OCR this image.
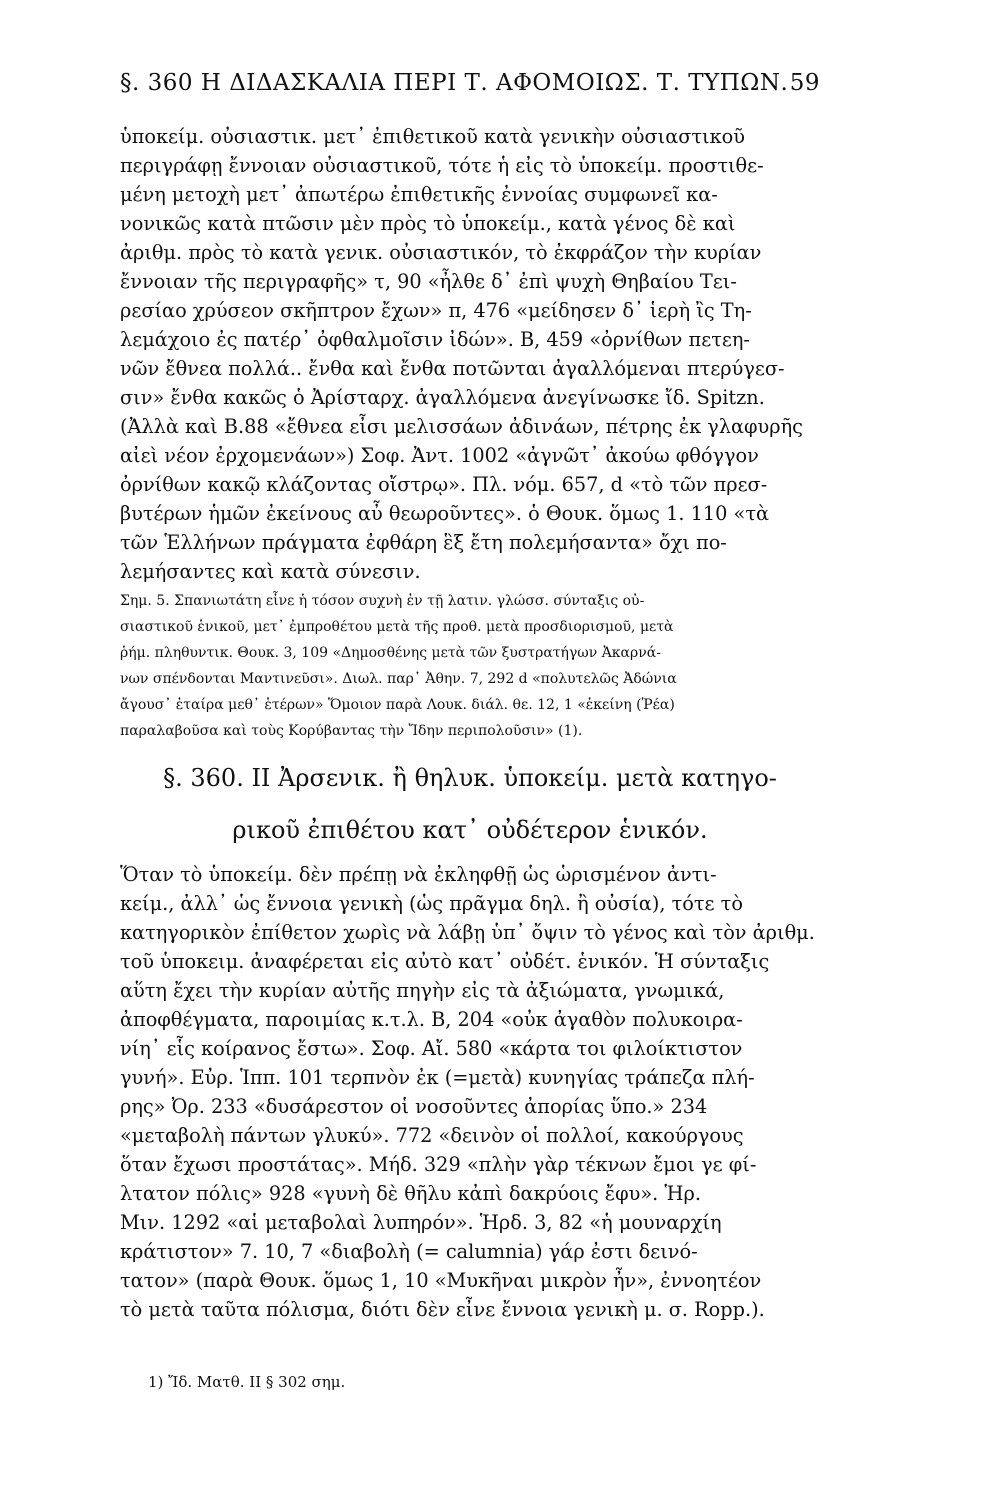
§. 360 Η ΔΙΔΑΣΚΑΛΙΑ ΠΕΡΙ Τ. ΑΦΟΜΟΙΩΣ. Τ. ΤΥΠΩΝ. 59
ὑποκείμ. οὐσιαστικ. μετ᾽ ἐπιθετικοῦ κατὰ γενικὴν οὐσιαστικοῦ
περιγράφῃ ἔννοιαν οὐσιαστικοῦ, τότε ἡ εἰς τὸ ὑποκείμ. προστιθε-
μένη μετοχὴ μετ᾽ ἀπωτέρω ἐπιθετικῆς ἐννοίας συμφωνεῖ κα-
νονικῶς κατὰ πτῶσιν μὲν πρὸς τὸ ὑποκείμ., κατὰ γένος δὲ καὶ
ἀριθμ. πρὸς τὸ κατὰ γενικ. οὐσιαστικόν, τὸ ἐκφράζον τὴν κυρίαν
ἔννοιαν τῆς περιγραφῆς» τ, 90 «ἦλθε δ᾽ ἐπὶ ψυχὴ Θηβαίου Τει-
ρεσίαο χρύσεον σκῆπτρον ἔχων» π, 476 «μείδησεν δ᾽ ἱερὴ ἲς Τη-
λεμάχοιο ἐς πατέρ᾽ ὀφθαλμοῖσιν ἰδών». Β, 459 «ὀρνίθων πετεη-
νῶν ἔθνεα πολλά.. ἔνθα καὶ ἔνθα ποτῶνται ἀγαλλόμεναι πτερύγεσ-
σιν» ἔνθα κακῶς ὁ Ἀρίσταρχ. ἀγαλλόμενα ἀνεγίνωσκε ἴδ. Spitzn.
(Ἀλλὰ καὶ Β.88 «ἔθνεα εἶσι μελισσάων ἀδινάων, πέτρης ἐκ γλαφυρῆς
αἰεὶ νέον ἐρχομενάων») Σοφ. Ἀντ. 1002 «ἀγνῶτ᾽ ἀκούω φθόγγον
ὀρνίθων κακῷ κλάζοντας οἴστρῳ». Πλ. νόμ. 657, d «τὸ τῶν πρεσ-
βυτέρων ἡμῶν ἐκείνους αὖ θεωροῦντες». ὁ Θουκ. ὅμως 1. 110 «τὰ
τῶν Ἑλλήνων πράγματα ἐφθάρη ἓξ ἔτη πολεμήσαντα» ὄχι πο-
λεμήσαντες καὶ κατὰ σύνεσιν.
Σημ. 5. Σπανιωτάτη εἶνε ἡ τόσον συχνὴ ἐν τῇ λατιν. γλώσσ. σύνταξις οὐ-
σιαστικοῦ ἑνικοῦ, μετ᾽ ἐμπροθέτου μετὰ τῆς προθ. μετὰ προσδιορισμοῦ, μετὰ
ῥήμ. πληθυντικ. Θουκ. 3, 109 «Δημοσθένης μετὰ τῶν ξυστρατήγων Ἀκαρνά-
νων σπένδονται Μαντινεῦσι». Διωλ. παρ᾽ Ἀθην. 7, 292 d «πολυτελῶς Ἀδώνια
ἄγουσ᾽ ἑταίρα μεθ᾽ ἑτέρων» Ὅμοιον παρὰ Λουκ. διάλ. θε. 12, 1 «ἐκείνη (Ῥέα)
παραλαβοῦσα καὶ τοὺς Κορύβαντας τὴν Ἴδην περιπολοῦσιν» (1).
§. 360. ΙΙ Ἀρσενικ. ἢ θηλυκ. ὑποκείμ. μετὰ κατηγο-
ρικοῦ ἐπιθέτου κατ᾽ οὐδέτερον ἑνικόν.
Ὅταν τὸ ὑποκείμ. δὲν πρέπῃ νὰ ἐκληφθῇ ὡς ὡρισμένον ἀντι-
κείμ., ἀλλ᾽ ὡς ἔννοια γενικὴ (ὡς πρᾶγμα δηλ. ἢ οὐσία), τότε τὸ
κατηγορικὸν ἐπίθετον χωρὶς νὰ λάβῃ ὑπ᾽ ὄψιν τὸ γένος καὶ τὸν ἀριθμ.
τοῦ ὑποκειμ. ἀναφέρεται εἰς αὐτὸ κατ᾽ οὐδέτ. ἑνικόν. Ἡ σύνταξις
αὕτη ἔχει τὴν κυρίαν αὐτῆς πηγὴν εἰς τὰ ἀξιώματα, γνωμικά,
ἀποφθέγματα, παροιμίας κ.τ.λ. Β, 204 «οὐκ ἀγαθὸν πολυκοιρα-
νίη᾽ εἷς κοίρανος ἔστω». Σοφ. Αἴ. 580 «κάρτα τοι φιλοίκτιστον
γυνή». Εὐρ. Ἱππ. 101 τερπνὸν ἐκ (=μετὰ) κυνηγίας τράπεζα πλή-
ρης» Ὀρ. 233 «δυσάρεστον οἱ νοσοῦντες ἀπορίας ὕπο.» 234
«μεταβολὴ πάντων γλυκύ». 772 «δεινὸν οἱ πολλοί, κακούργους
ὅταν ἔχωσι προστάτας». Μήδ. 329 «πλὴν γὰρ τέκνων ἔμοι γε φί-
λτατον πόλις» 928 «γυνὴ δὲ θῆλυ κἀπὶ δακρύοις ἔφυ». Ἡρ.
Μιν. 1292 «αἱ μεταβολαὶ λυπηρόν». Ἡρδ. 3, 82 «ἡ μουναρχίη
κράτιστον» 7. 10, 7 «διαβολὴ (= calumnia) γάρ ἐστι δεινό-
τατον» (παρὰ Θουκ. ὅμως 1, 10 «Μυκῆναι μικρὸν ἦν», ἐννοητέον
τὸ μετὰ ταῦτα πόλισμα, διότι δὲν εἶνε ἔννοια γενικὴ μ. σ. Ropp.).
1) Ἴδ. Ματθ. ΙΙ § 302 σημ.
